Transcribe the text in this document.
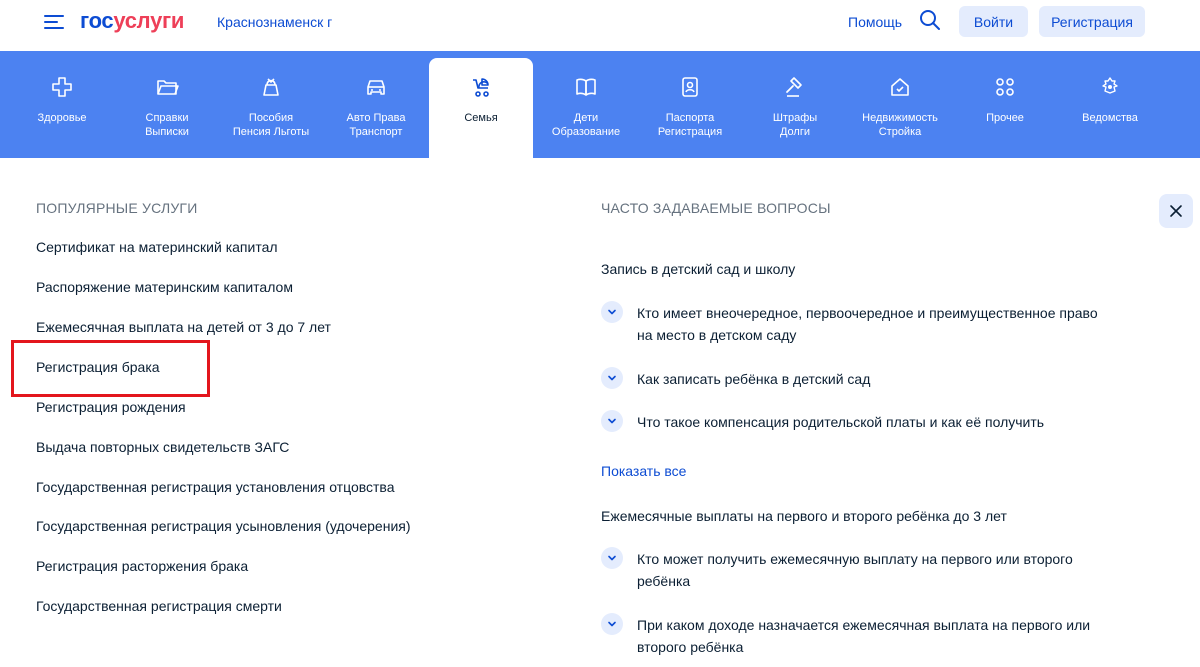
госуслуги Краснознаменск г	Помощь	Войти	Регистрация
Здоровье	Справки
Выписки
Пособия
Пенсия Льготы
Авто Права
Транспорт
Семья	Дети
Образование
Паспорта
Регистрация
Штрафы
Долги
Недвижимость
Стройка
Прочее	Ведомства
ПОПУЛЯРНЫЕ УСЛУГИ
Сертификат на материнский капитал
Распоряжение материнским капиталом
Ежемесячная выплата на детей от 3 до 7 лет
Регистрация брака
Регистрация рождения
Выдача повторных свидетельств ЗАГС
Государственная регистрация установления отцовства
Государственная регистрация усыновления (удочерения)
Регистрация расторжения брака
Государственная регистрация смерти
ЧАСТО ЗАДАВАЕМЫЕ ВОПРОСЫ
Запись в детский сад и школу
Кто имеет внеочередное, первоочередное и преимущественное право на место в детском саду
Как записать ребёнка в детский сад
Что такое компенсация родительской платы и как её получить
Показать все
Ежемесячные выплаты на первого и второго ребёнка до 3 лет
Кто может получить ежемесячную выплату на первого или второго ребёнка
При каком доходе назначается ежемесячная выплата на первого или второго ребёнка
